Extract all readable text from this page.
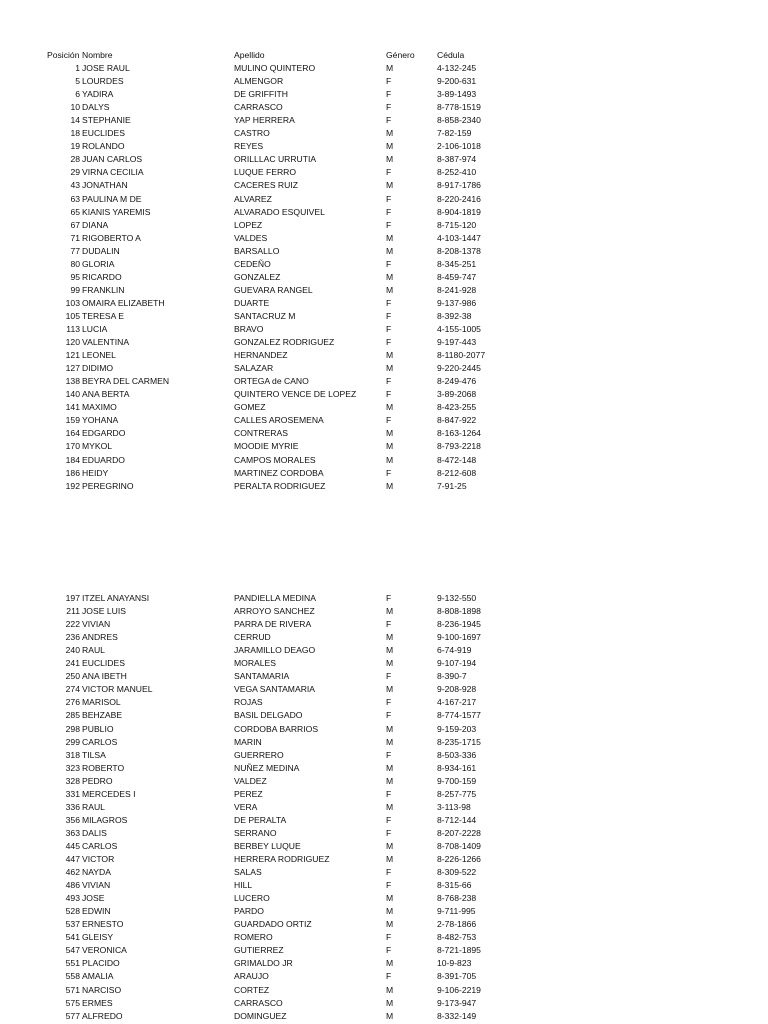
Posición Nombre	Apellido	Género	Cédula
1 JOSE RAUL	MULINO QUINTERO	M	4-132-245
5 LOURDES	ALMENGOR	F	9-200-631
6 YADIRA	DE GRIFFITH	F	3-89-1493
10 DALYS	CARRASCO	F	8-778-1519
14 STEPHANIE	YAP HERRERA	F	8-858-2340
18 EUCLIDES	CASTRO	M	7-82-159
19 ROLANDO	REYES	M	2-106-1018
28 JUAN CARLOS	ORILLLAC URRUTIA	M	8-387-974
29 VIRNA CECILIA	LUQUE FERRO	F	8-252-410
43 JONATHAN	CACERES RUIZ	M	8-917-1786
63 PAULINA M DE	ALVAREZ	F	8-220-2416
65 KIANIS YAREMIS	ALVARADO ESQUIVEL	F	8-904-1819
67 DIANA	LOPEZ	F	8-715-120
71 RIGOBERTO A	VALDES	M	4-103-1447
77 DUDALIN	BARSALLO	M	8-208-1378
80 GLORIA	CEDEÑO	F	8-345-251
95 RICARDO	GONZALEZ	M	8-459-747
99 FRANKLIN	GUEVARA RANGEL	M	8-241-928
103 OMAIRA ELIZABETH	DUARTE	F	9-137-986
105 TERESA E	SANTACRUZ M	F	8-392-38
113 LUCIA	BRAVO	F	4-155-1005
120 VALENTINA	GONZALEZ RODRIGUEZ	F	9-197-443
121 LEONEL	HERNANDEZ	M	8-1180-2077
127 DIDIMO	SALAZAR	M	9-220-2445
138 BEYRA DEL CARMEN	ORTEGA de CANO	F	8-249-476
140 ANA BERTA	QUINTERO VENCE DE LOPEZ	F	3-89-2068
141 MAXIMO	GOMEZ	M	8-423-255
159 YOHANA	CALLES AROSEMENA	F	8-847-922
164 EDGARDO	CONTRERAS	M	8-163-1264
170 MYKOL	MOODIE MYRIE	M	8-793-2218
184 EDUARDO	CAMPOS MORALES	M	8-472-148
186 HEIDY	MARTINEZ CORDOBA	F	8-212-608
192 PEREGRINO	PERALTA RODRIGUEZ	M	7-91-25
197 ITZEL ANAYANSI	PANDIELLA MEDINA	F	9-132-550
211 JOSE LUIS	ARROYO SANCHEZ	M	8-808-1898
222 VIVIAN	PARRA DE RIVERA	F	8-236-1945
236 ANDRES	CERRUD	M	9-100-1697
240 RAUL	JARAMILLO DEAGO	M	6-74-919
241 EUCLIDES	MORALES	M	9-107-194
250 ANA IBETH	SANTAMARIA	F	8-390-7
274 VICTOR MANUEL	VEGA SANTAMARIA	M	9-208-928
276 MARISOL	ROJAS	F	4-167-217
285 BEHZABE	BASIL DELGADO	F	8-774-1577
298 PUBLIO	CORDOBA BARRIOS	M	9-159-203
299 CARLOS	MARIN	M	8-235-1715
318 TILSA	GUERRERO	F	8-503-336
323 ROBERTO	NUÑEZ MEDINA	M	8-934-161
328 PEDRO	VALDEZ	M	9-700-159
331 MERCEDES I	PEREZ	F	8-257-775
336 RAUL	VERA	M	3-113-98
356 MILAGROS	DE PERALTA	F	8-712-144
363 DALIS	SERRANO	F	8-207-2228
445 CARLOS	BERBEY LUQUE	M	8-708-1409
447 VICTOR	HERRERA RODRIGUEZ	M	8-226-1266
462 NAYDA	SALAS	F	8-309-522
486 VIVIAN	HILL	F	8-315-66
493 JOSE	LUCERO	M	8-768-238
528 EDWIN	PARDO	M	9-711-995
537 ERNESTO	GUARDADO ORTIZ	M	2-78-1866
541 GLEISY	ROMERO	F	8-482-753
547 VERONICA	GUTIERREZ	F	8-721-1895
551 PLACIDO	GRIMALDO JR	M	10-9-823
558 AMALIA	ARAUJO	F	8-391-705
571 NARCISO	CORTEZ	M	9-106-2219
575 ERMES	CARRASCO	M	9-173-947
577 ALFREDO	DOMINGUEZ	M	8-332-149
